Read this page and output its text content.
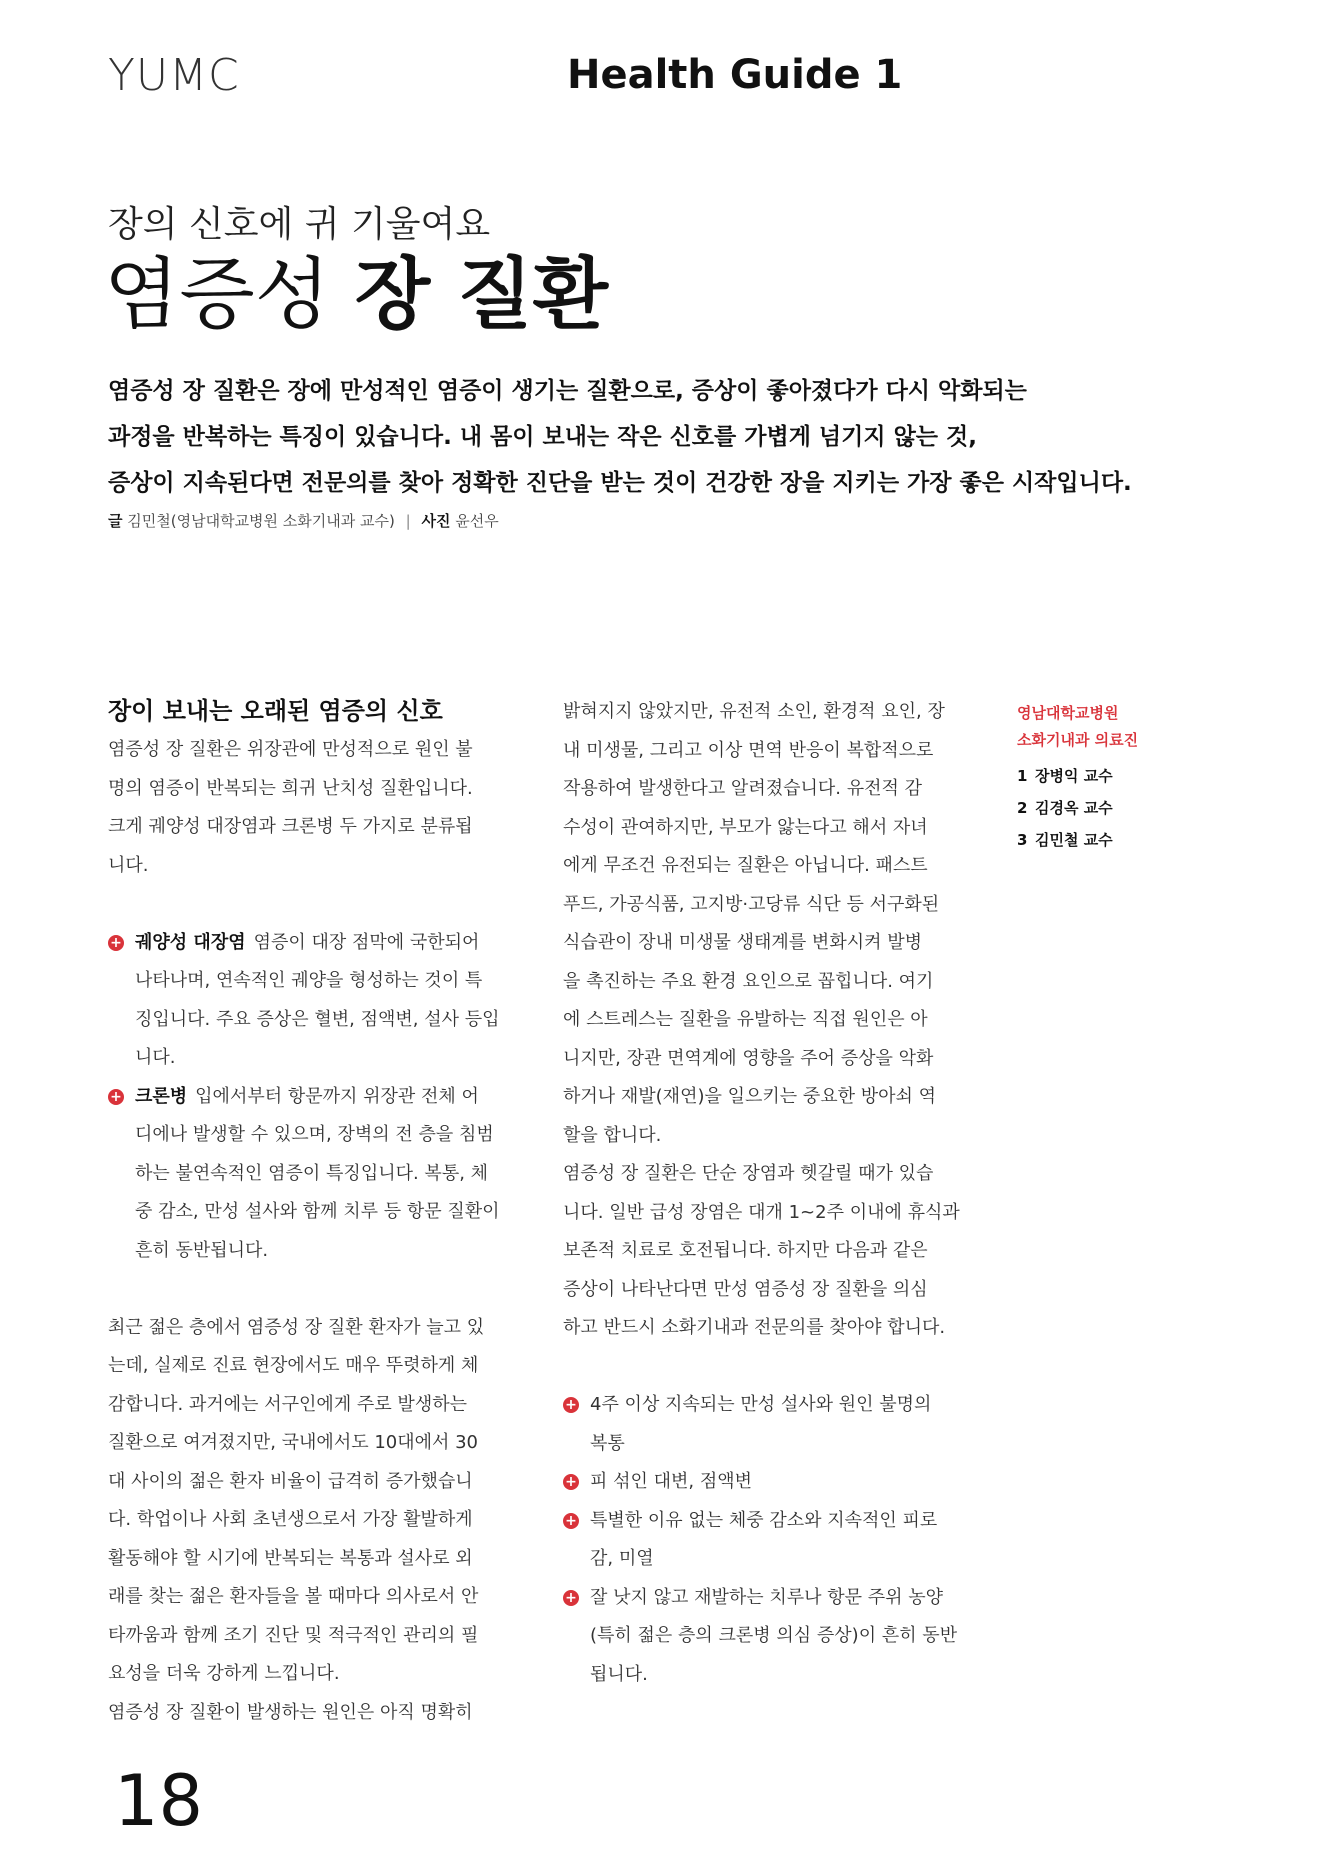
YUMC	Health Guide 1
장의 신호에 귀 기울여요
염증성 장 질환
염증성 장 질환은 장에 만성적인 염증이 생기는 질환으로, 증상이 좋아졌다가 다시 악화되는
과정을 반복하는 특징이 있습니다. 내 몸이 보내는 작은 신호를 가볍게 넘기지 않는 것,
증상이 지속된다면 전문의를 찾아 정확한 진단을 받는 것이 건강한 장을 지키는 가장 좋은 시작입니다.
글 김민철(영남대학교병원 소화기내과 교수) | 사진 윤선우
장이 보내는 오래된 염증의 신호

염증성 장 질환은 위장관에 만성적으로 원인 불

명의 염증이 반복되는 희귀 난치성 질환입니다.

크게 궤양성 대장염과 크론병 두 가지로 분류됩

니다.

+ 궤양성 대장염 염증이 대장 점막에 국한되어

나타나며, 연속적인 궤양을 형성하는 것이 특

징입니다. 주요 증상은 혈변, 점액변, 설사 등입

니다.

+ 크론병 입에서부터 항문까지 위장관 전체 어

디에나 발생할 수 있으며, 장벽의 전 층을 침범

하는 불연속적인 염증이 특징입니다. 복통, 체

중 감소, 만성 설사와 함께 치루 등 항문 질환이

흔히 동반됩니다.

최근 젊은 층에서 염증성 장 질환 환자가 늘고 있

는데, 실제로 진료 현장에서도 매우 뚜렷하게 체

감합니다. 과거에는 서구인에게 주로 발생하는

질환으로 여겨졌지만, 국내에서도 10대에서 30

대 사이의 젊은 환자 비율이 급격히 증가했습니

다. 학업이나 사회 초년생으로서 가장 활발하게

활동해야 할 시기에 반복되는 복통과 설사로 외

래를 찾는 젊은 환자들을 볼 때마다 의사로서 안

타까움과 함께 조기 진단 및 적극적인 관리의 필

요성을 더욱 강하게 느낍니다.

염증성 장 질환이 발생하는 원인은 아직 명확히

밝혀지지 않았지만, 유전적 소인, 환경적 요인, 장

내 미생물, 그리고 이상 면역 반응이 복합적으로

작용하여 발생한다고 알려졌습니다. 유전적 감

수성이 관여하지만, 부모가 앓는다고 해서 자녀

에게 무조건 유전되는 질환은 아닙니다. 패스트

푸드, 가공식품, 고지방·고당류 식단 등 서구화된

식습관이 장내 미생물 생태계를 변화시켜 발병

을 촉진하는 주요 환경 요인으로 꼽힙니다. 여기

에 스트레스는 질환을 유발하는 직접 원인은 아

니지만, 장관 면역계에 영향을 주어 증상을 악화

하거나 재발(재연)을 일으키는 중요한 방아쇠 역

할을 합니다.

염증성 장 질환은 단순 장염과 헷갈릴 때가 있습

니다. 일반 급성 장염은 대개 1~2주 이내에 휴식과

보존적 치료로 호전됩니다. 하지만 다음과 같은

증상이 나타난다면 만성 염증성 장 질환을 의심

하고 반드시 소화기내과 전문의를 찾아야 합니다.

+ 4주 이상 지속되는 만성 설사와 원인 불명의

복통

+ 피 섞인 대변, 점액변

+ 특별한 이유 없는 체중 감소와 지속적인 피로

감, 미열

+ 잘 낫지 않고 재발하는 치루나 항문 주위 농양

(특히 젊은 층의 크론병 의심 증상)이 흔히 동반

됩니다.

영남대학교병원
소화기내과 의료진
1 장병익 교수
2 김경옥 교수
3 김민철 교수
18
